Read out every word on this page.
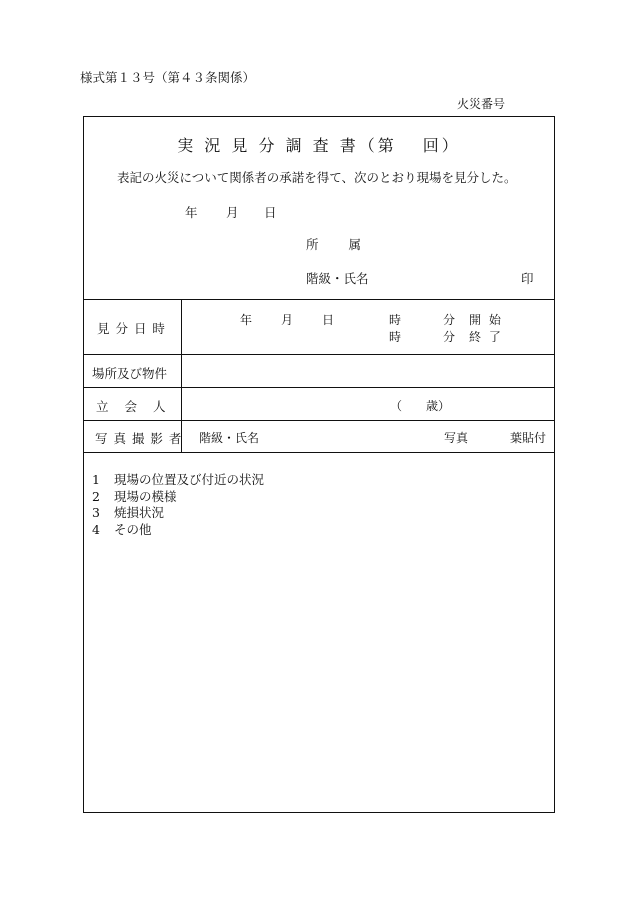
様式第１３号（第４３条関係）
火災番号
実 況 見 分 調 査 書（第 回）
表記の火災について関係者の承諾を得て、次のとおり現場を見分した。
年 月 日
所属
階級・氏名	印
見 分 日 時
年 月 日	時	分 開 始
時	分 終 了
場所及び物件
立 会 人	（　　歳）
写 真 撮 影 者 階級・氏名	写真	葉貼付
1 現場の位置及び付近の状況
2 現場の模様
3 焼損状況
4 その他
